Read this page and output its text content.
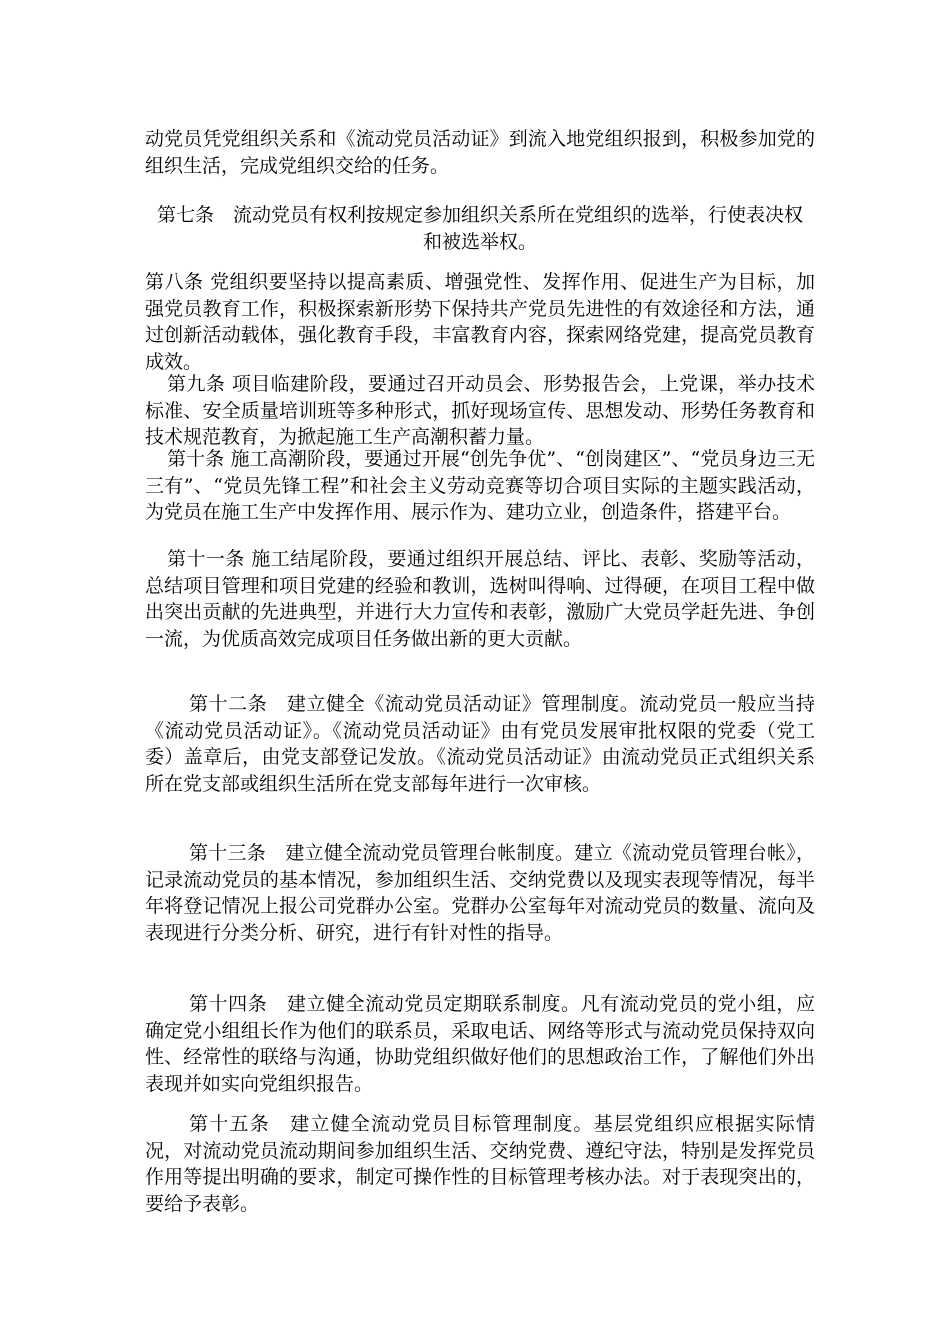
动党员凭党组织关系和《流动党员活动证》到流入地党组织报到，积极参加党的组织生活，完成党组织交给的任务。

第七条　流动党员有权利按规定参加组织关系所在党组织的选举，行使表决权和被选举权。

第八条 党组织要坚持以提高素质、增强党性、发挥作用、促进生产为目标，加强党员教育工作，积极探索新形势下保持共产党员先进性的有效途径和方法，通过创新活动载体，强化教育手段，丰富教育内容，探索网络党建，提高党员教育成效。

第九条 项目临建阶段，要通过召开动员会、形势报告会，上党课，举办技术标准、安全质量培训班等多种形式，抓好现场宣传、思想发动、形势任务教育和技术规范教育，为掀起施工生产高潮积蓄力量。

第十条 施工高潮阶段，要通过开展“创先争优”、“创岗建区”、“党员身边三无三有”、“党员先锋工程”和社会主义劳动竞赛等切合项目实际的主题实践活动，为党员在施工生产中发挥作用、展示作为、建功立业，创造条件，搭建平台。

第十一条 施工结尾阶段，要通过组织开展总结、评比、表彰、奖励等活动，总结项目管理和项目党建的经验和教训，选树叫得响、过得硬，在项目工程中做出突出贡献的先进典型，并进行大力宣传和表彰，激励广大党员学赶先进、争创一流，为优质高效完成项目任务做出新的更大贡献。

第十二条　建立健全《流动党员活动证》管理制度。流动党员一般应当持《流动党员活动证》。《流动党员活动证》由有党员发展审批权限的党委（党工委）盖章后，由党支部登记发放。《流动党员活动证》由流动党员正式组织关系所在党支部或组织生活所在党支部每年进行一次审核。

第十三条　建立健全流动党员管理台帐制度。建立《流动党员管理台帐》，记录流动党员的基本情况，参加组织生活、交纳党费以及现实表现等情况，每半年将登记情况上报公司党群办公室。党群办公室每年对流动党员的数量、流向及表现进行分类分析、研究，进行有针对性的指导。

第十四条　建立健全流动党员定期联系制度。凡有流动党员的党小组，应确定党小组组长作为他们的联系员，采取电话、网络等形式与流动党员保持双向性、经常性的联络与沟通，协助党组织做好他们的思想政治工作，了解他们外出表现并如实向党组织报告。

第十五条　建立健全流动党员目标管理制度。基层党组织应根据实际情况，对流动党员流动期间参加组织生活、交纳党费、遵纪守法，特别是发挥党员作用等提出明确的要求，制定可操作性的目标管理考核办法。对于表现突出的，要给予表彰。
